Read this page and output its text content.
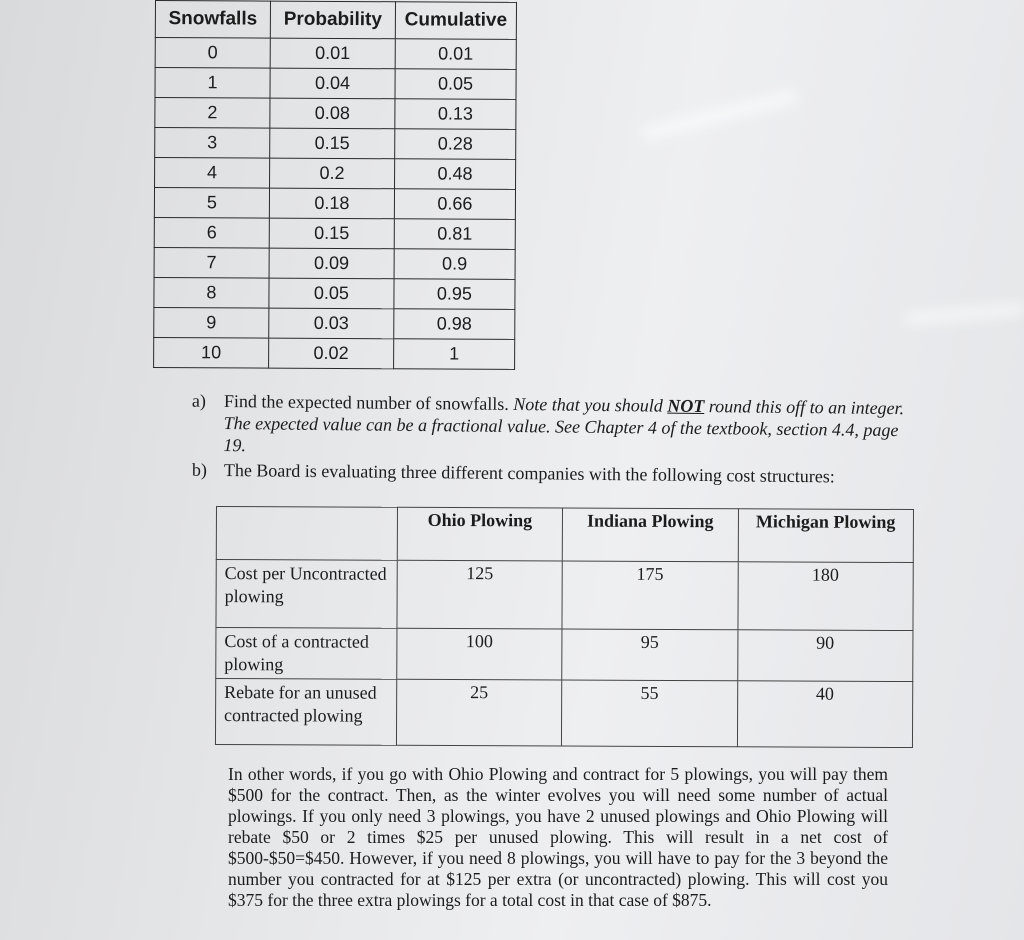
Snowfalls	Probability	Cumulative
0	0.01	0.01
1	0.04	0.05
2	0.08	0.13
3	0.15	0.28
4	0.2	0.48
5	0.18	0.66
6	0.15	0.81
7	0.09	0.9
8	0.05	0.95
9	0.03	0.98
10	0.02	1
a) Find the expected number of snowfalls. Note that you should NOT round this off to an integer. The expected value can be a fractional value. See Chapter 4 of the textbook, section 4.4, page 19.
b) The Board is evaluating three different companies with the following cost structures:
	Ohio Plowing	Indiana Plowing	Michigan Plowing
Cost per Uncontracted plowing	125	175	180
Cost of a contracted plowing	100	95	90
Rebate for an unused contracted plowing	25	55	40
In other words, if you go with Ohio Plowing and contract for 5 plowings, you will pay them $500 for the contract. Then, as the winter evolves you will need some number of actual plowings. If you only need 3 plowings, you have 2 unused plowings and Ohio Plowing will rebate $50 or 2 times $25 per unused plowing. This will result in a net cost of $500-$50=$450. However, if you need 8 plowings, you will have to pay for the 3 beyond the number you contracted for at $125 per extra (or uncontracted) plowing. This will cost you $375 for the three extra plowings for a total cost in that case of $875.
